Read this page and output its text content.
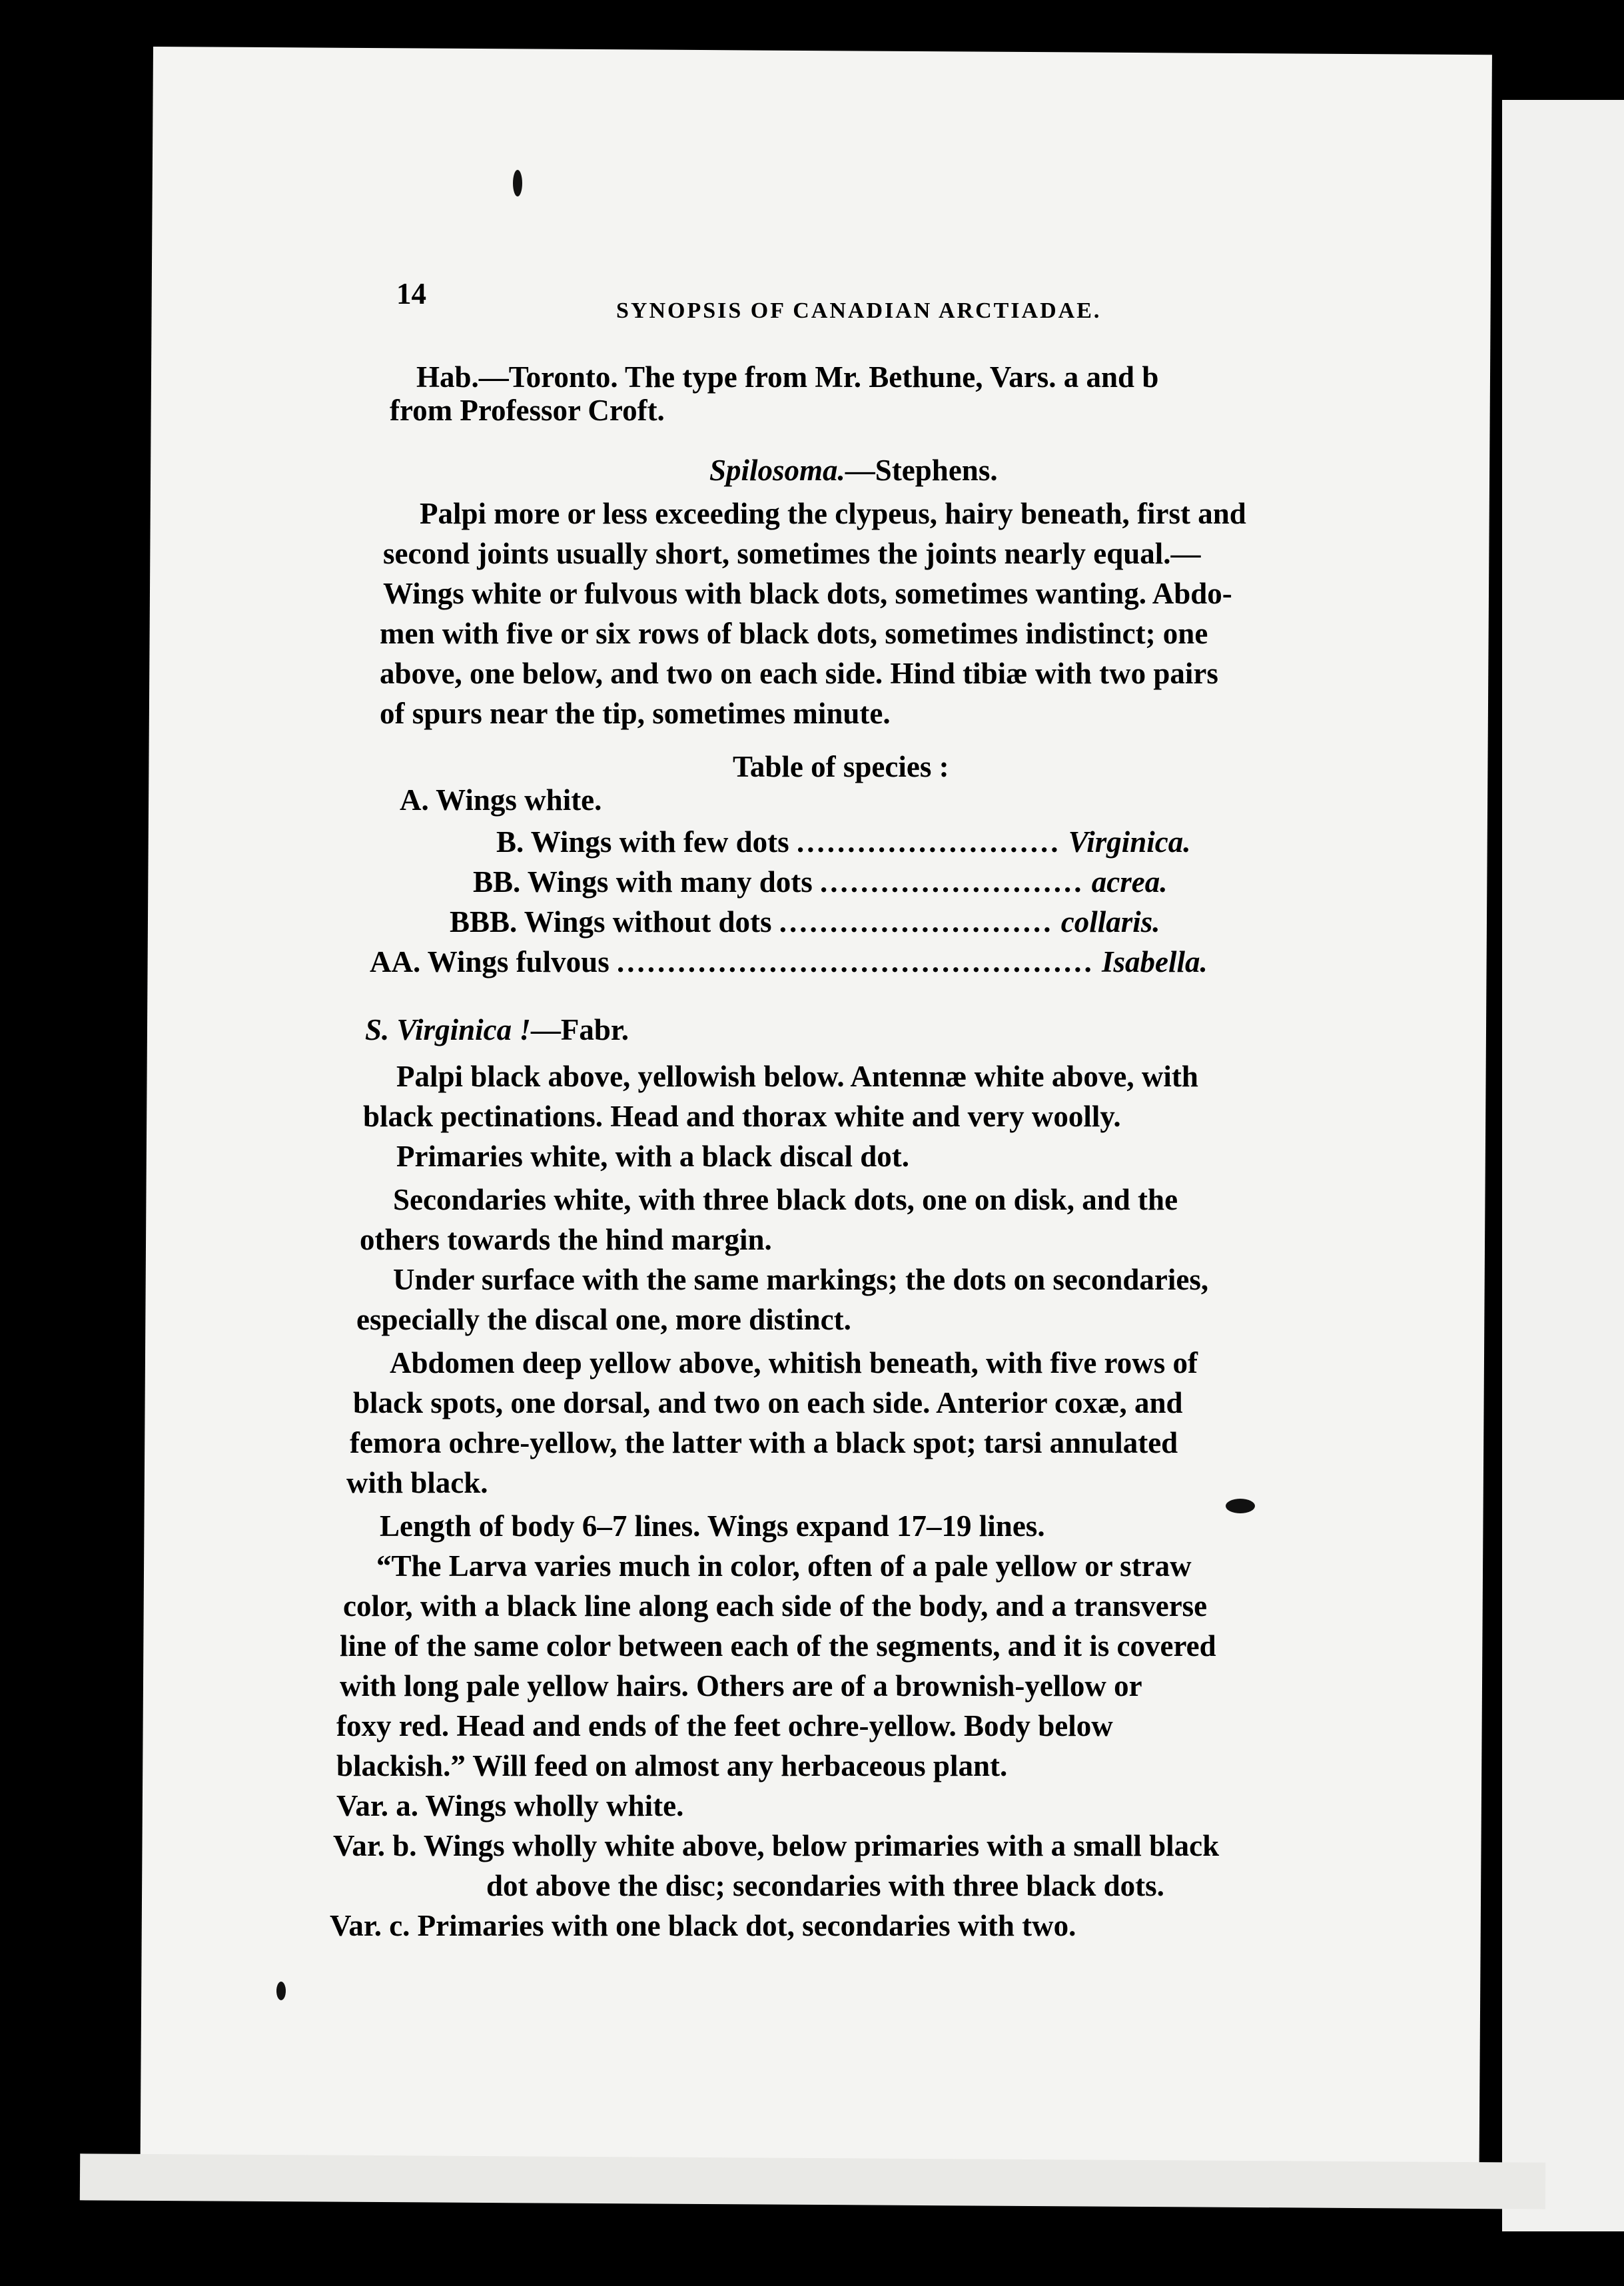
14
SYNOPSIS OF CANADIAN ARCTIADAE.
Hab.—Toronto. The type from Mr. Bethune, Vars. a and b
from Professor Croft.
Spilosoma.—Stephens.
Palpi more or less exceeding the clypeus, hairy beneath, first and
second joints usually short, sometimes the joints nearly equal.—
Wings white or fulvous with black dots, sometimes wanting. Abdo-
men with five or six rows of black dots, sometimes indistinct; one
above, one below, and two on each side. Hind tibiæ with two pairs
of spurs near the tip, sometimes minute.
Table of species :
A. Wings white.
B. Wings with few dots .......................... Virginica.
BB. Wings with many dots .......................... acrea.
BBB. Wings without dots ........................... collaris.
AA. Wings fulvous ............................................... Isabella.
S. Virginica !—Fabr.
Palpi black above, yellowish below. Antennæ white above, with
black pectinations. Head and thorax white and very woolly.
Primaries white, with a black discal dot.
Secondaries white, with three black dots, one on disk, and the
others towards the hind margin.
Under surface with the same markings; the dots on secondaries,
especially the discal one, more distinct.
Abdomen deep yellow above, whitish beneath, with five rows of
black spots, one dorsal, and two on each side. Anterior coxæ, and
femora ochre-yellow, the latter with a black spot; tarsi annulated
with black.
Length of body 6–7 lines. Wings expand 17–19 lines.
“The Larva varies much in color, often of a pale yellow or straw
color, with a black line along each side of the body, and a transverse
line of the same color between each of the segments, and it is covered
with long pale yellow hairs. Others are of a brownish-yellow or
foxy red. Head and ends of the feet ochre-yellow. Body below
blackish.” Will feed on almost any herbaceous plant.
Var. a. Wings wholly white.
Var. b. Wings wholly white above, below primaries with a small black
dot above the disc; secondaries with three black dots.
Var. c. Primaries with one black dot, secondaries with two.
